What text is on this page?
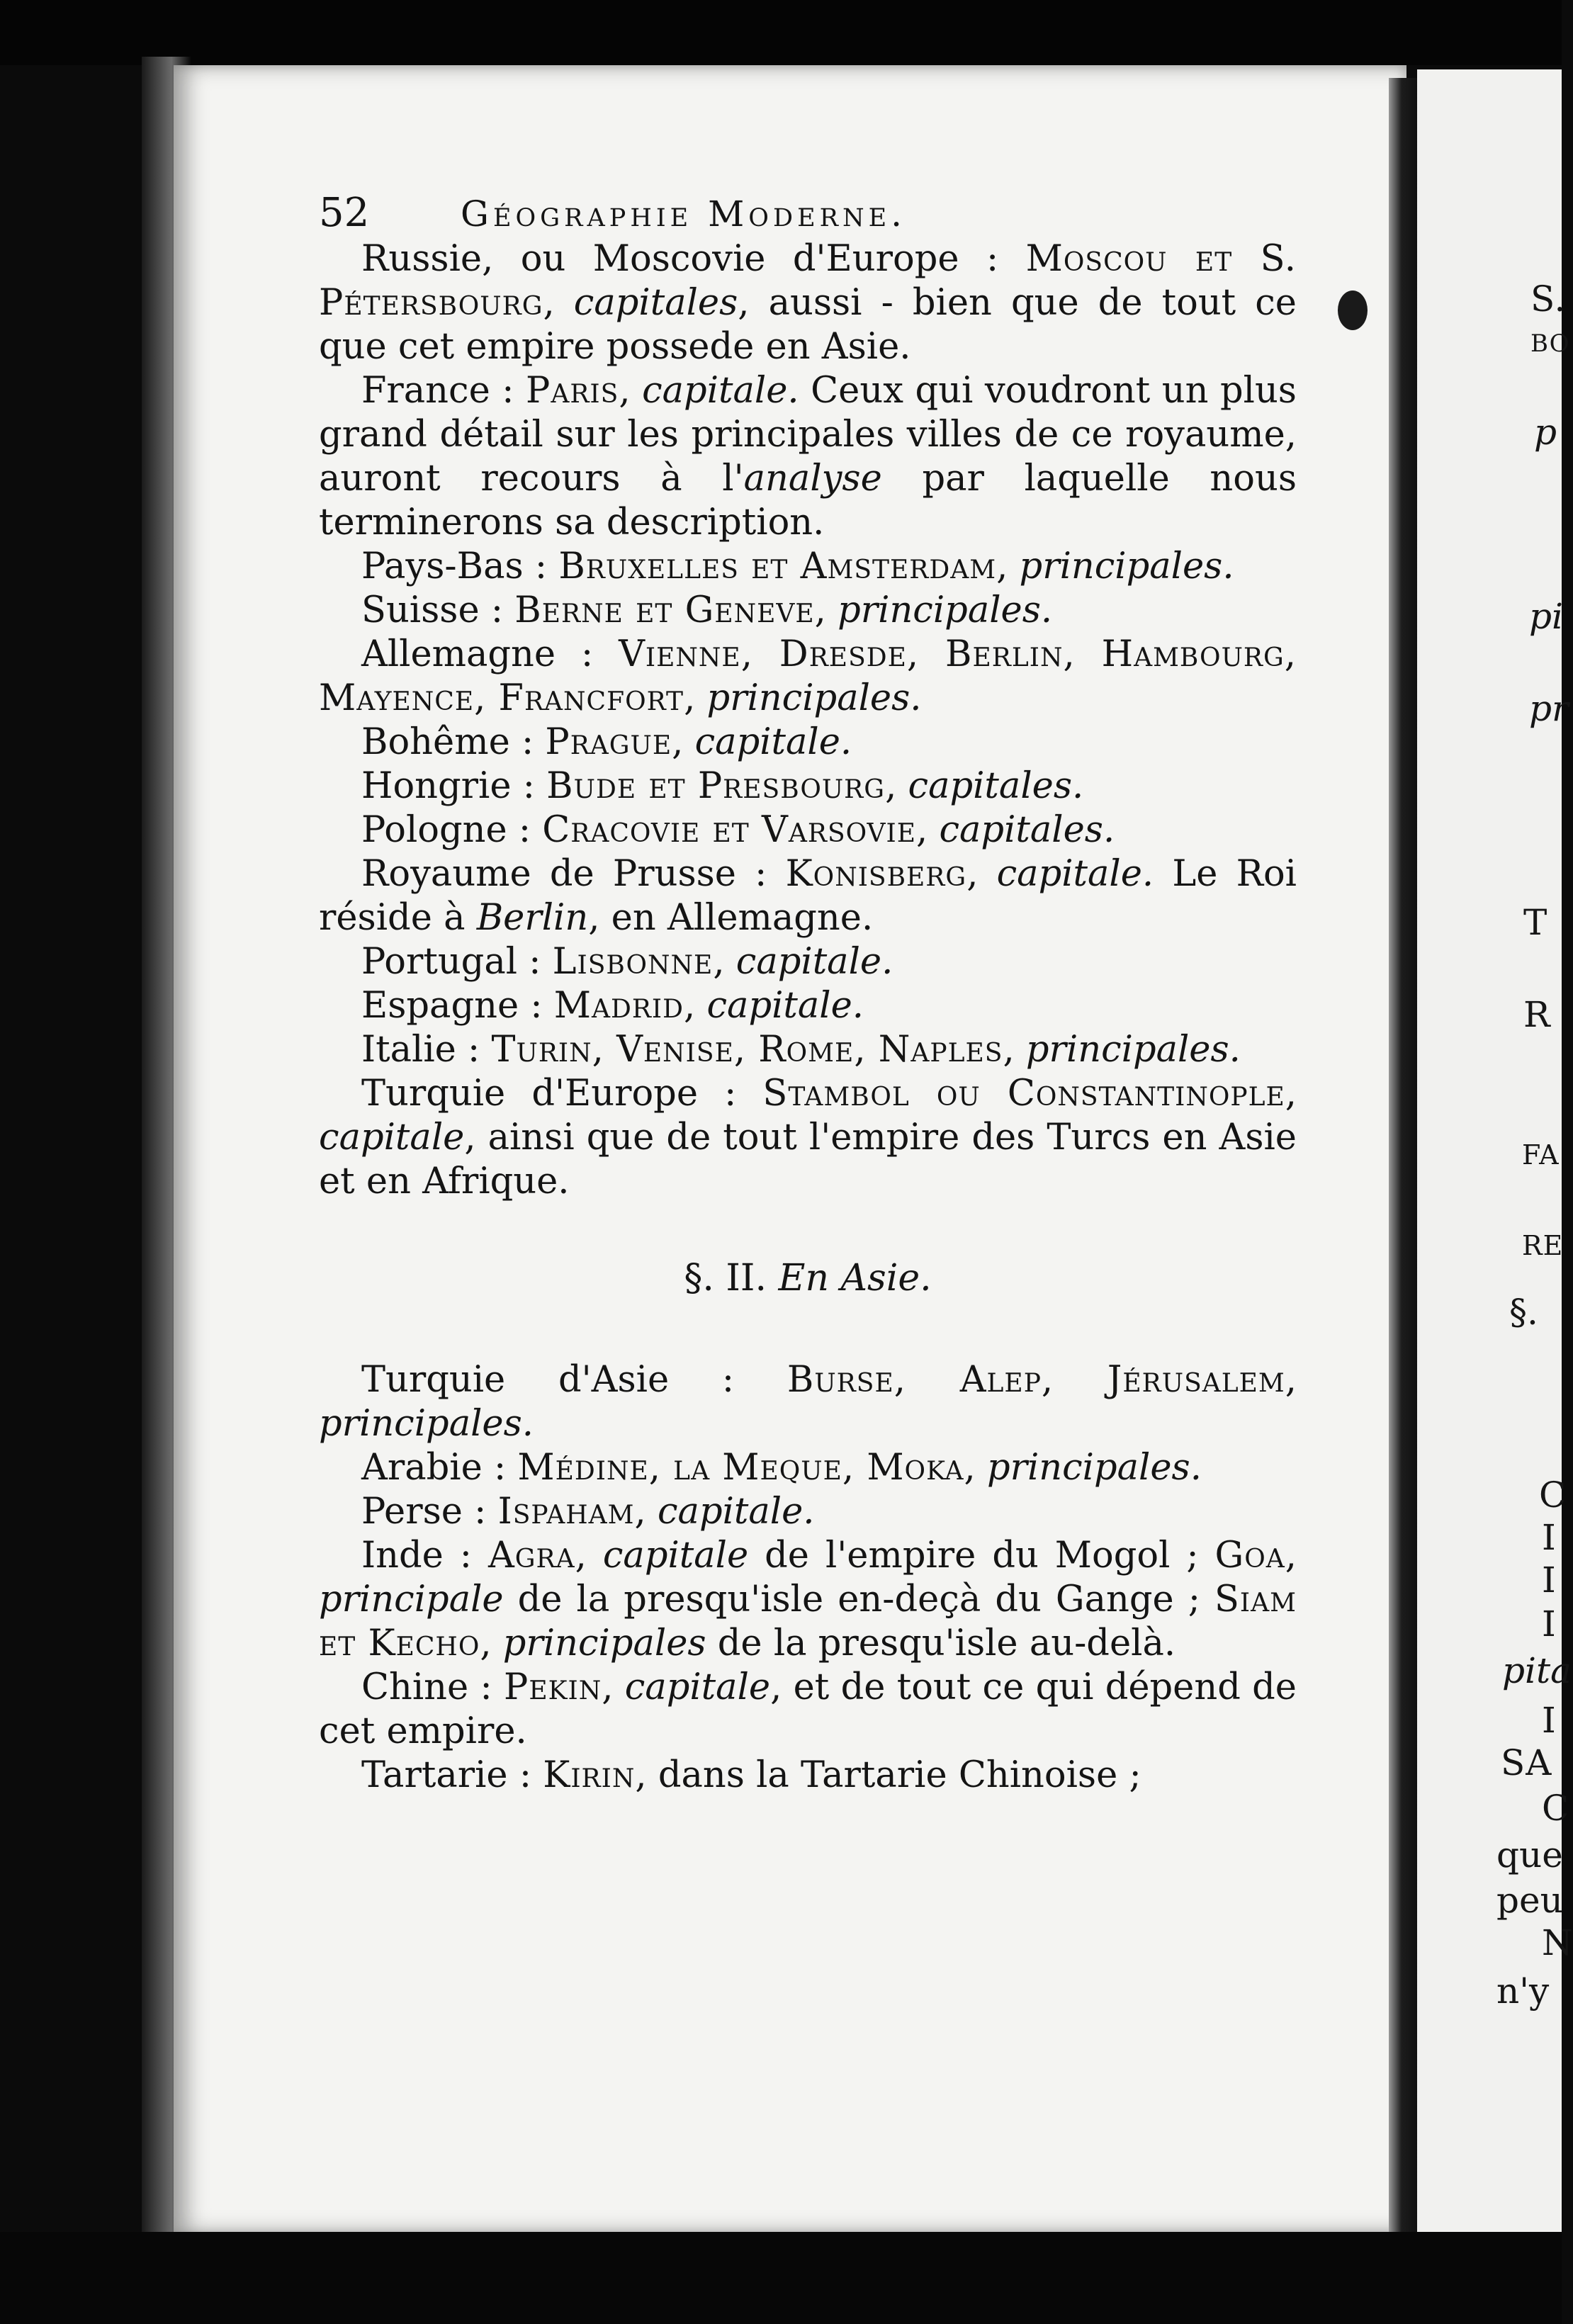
52	Géographie Moderne.

Russie, ou Moscovie d'Europe : Moscou et S. Pétersbourg, capitales, aussi - bien que de tout ce que cet empire possede en Asie.

France : Paris, capitale. Ceux qui voudront un plus grand détail sur les principales villes de ce royaume, auront recours à l'analyse par laquelle nous terminerons sa description.

Pays-Bas : Bruxelles et Amsterdam, principales.

Suisse : Berne et Geneve, principales.

Allemagne : Vienne, Dresde, Berlin, Hambourg, Mayence, Francfort, principales.

Bohême : Prague, capitale.

Hongrie : Bude et Presbourg, capitales.

Pologne : Cracovie et Varsovie, capitales.

Royaume de Prusse : Konisberg, capitale. Le Roi réside à Berlin, en Allemagne.

Portugal : Lisbonne, capitale.

Espagne : Madrid, capitale.

Italie : Turin, Venise, Rome, Naples, principales.

Turquie d'Europe : Stambol ou Constantinople, capitale, ainsi que de tout l'empire des Turcs en Asie et en Afrique.

§. II. En Asie.

Turquie d'Asie : Burse, Alep, Jérusalem, principales.

Arabie : Médine, la Meque, Moka, principales.

Perse : Ispaham, capitale.

Inde : Agra, capitale de l'empire du Mogol ; Goa, principale de la presqu'isle en-deçà du Gange ; Siam et Kecho, principales de la presqu'isle au-delà.

Chine : Pekin, capitale, et de tout ce qui dépend de cet empire.

Tartarie : Kirin, dans la Tartarie Chinoise ;

S.
BO
p
pi
pr
T
R
FA
RE
§.
C
I
I
I
pita
I
SA
C
que
peu
N
n'y
